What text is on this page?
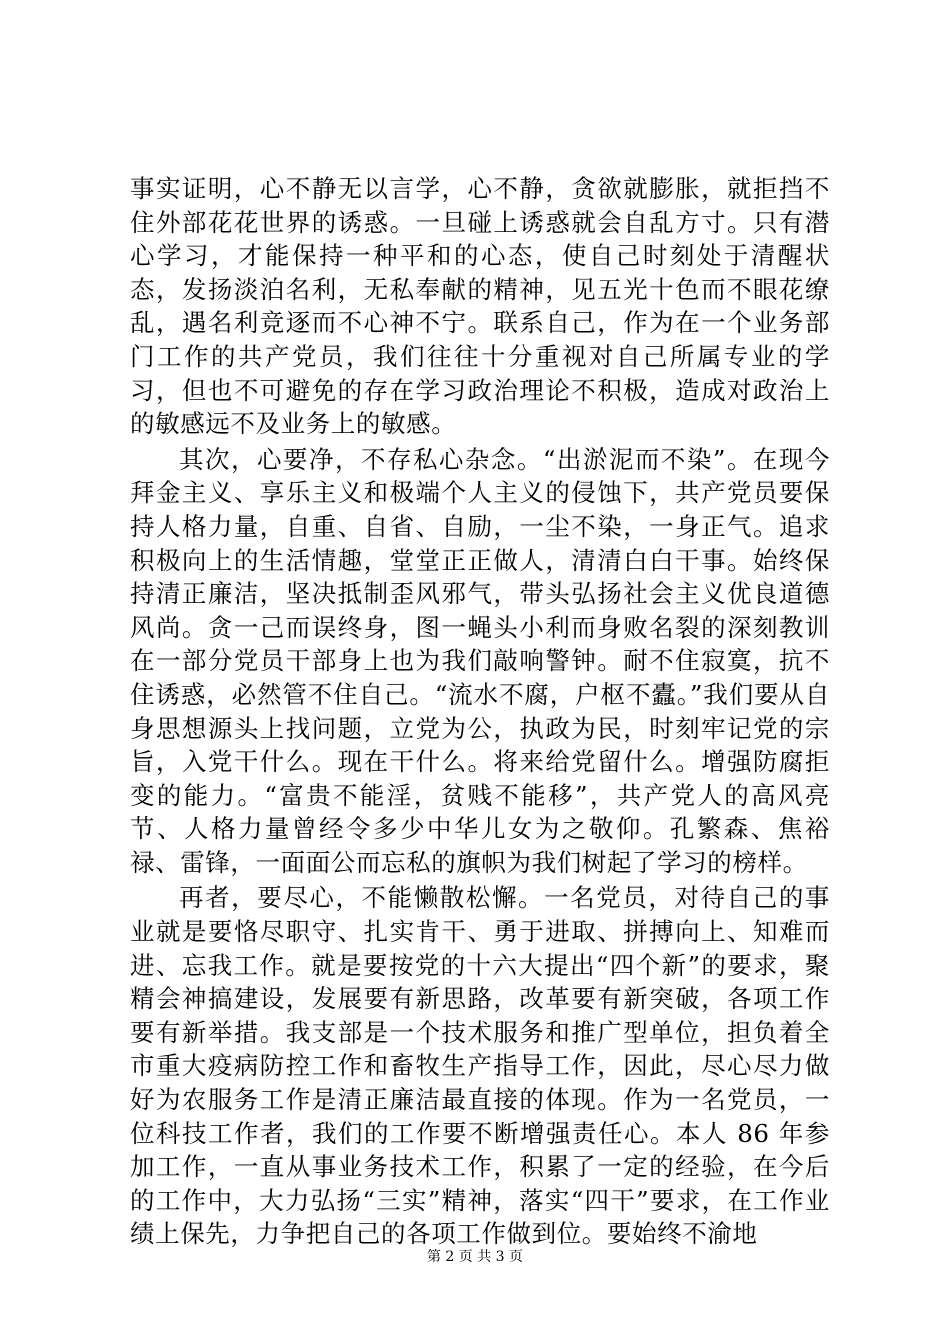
事实证明，心不静无以言学，心不静，贪欲就膨胀，就拒挡不住外部花花世界的诱惑。一旦碰上诱惑就会自乱方寸。只有潜心学习，才能保持一种平和的心态，使自己时刻处于清醒状态，发扬淡泊名利，无私奉献的精神，见五光十色而不眼花缭乱，遇名利竞逐而不心神不宁。联系自己，作为在一个业务部门工作的共产党员，我们往往十分重视对自己所属专业的学习，但也不可避免的存在学习政治理论不积极，造成对政治上的敏感远不及业务上的敏感。

其次，心要净，不存私心杂念。“出淤泥而不染”。在现今拜金主义、享乐主义和极端个人主义的侵蚀下，共产党员要保持人格力量，自重、自省、自励，一尘不染，一身正气。追求积极向上的生活情趣，堂堂正正做人，清清白白干事。始终保持清正廉洁，坚决抵制歪风邪气，带头弘扬社会主义优良道德风尚。贪一己而误终身，图一蝇头小利而身败名裂的深刻教训在一部分党员干部身上也为我们敲响警钟。耐不住寂寞，抗不住诱惑，必然管不住自己。“流水不腐，户枢不蠹。”我们要从自身思想源头上找问题，立党为公，执政为民，时刻牢记党的宗旨，入党干什么。现在干什么。将来给党留什么。增强防腐拒变的能力。“富贵不能淫，贫贱不能移”，共产党人的高风亮节、人格力量曾经令多少中华儿女为之敬仰。孔繁森、焦裕禄、雷锋，一面面公而忘私的旗帜为我们树起了学习的榜样。

再者，要尽心，不能懒散松懈。一名党员，对待自己的事业就是要恪尽职守、扎实肯干、勇于进取、拼搏向上、知难而进、忘我工作。就是要按党的十六大提出“四个新”的要求，聚精会神搞建设，发展要有新思路，改革要有新突破，各项工作要有新举措。我支部是一个技术服务和推广型单位，担负着全市重大疫病防控工作和畜牧生产指导工作，因此，尽心尽力做好为农服务工作是清正廉洁最直接的体现。作为一名党员，一位科技工作者，我们的工作要不断增强责任心。本人 86 年参加工作，一直从事业务技术工作，积累了一定的经验，在今后的工作中，大力弘扬“三实”精神，落实“四干”要求，在工作业绩上保先，力争把自己的各项工作做到位。要始终不渝地

第 2 页 共 3 页
